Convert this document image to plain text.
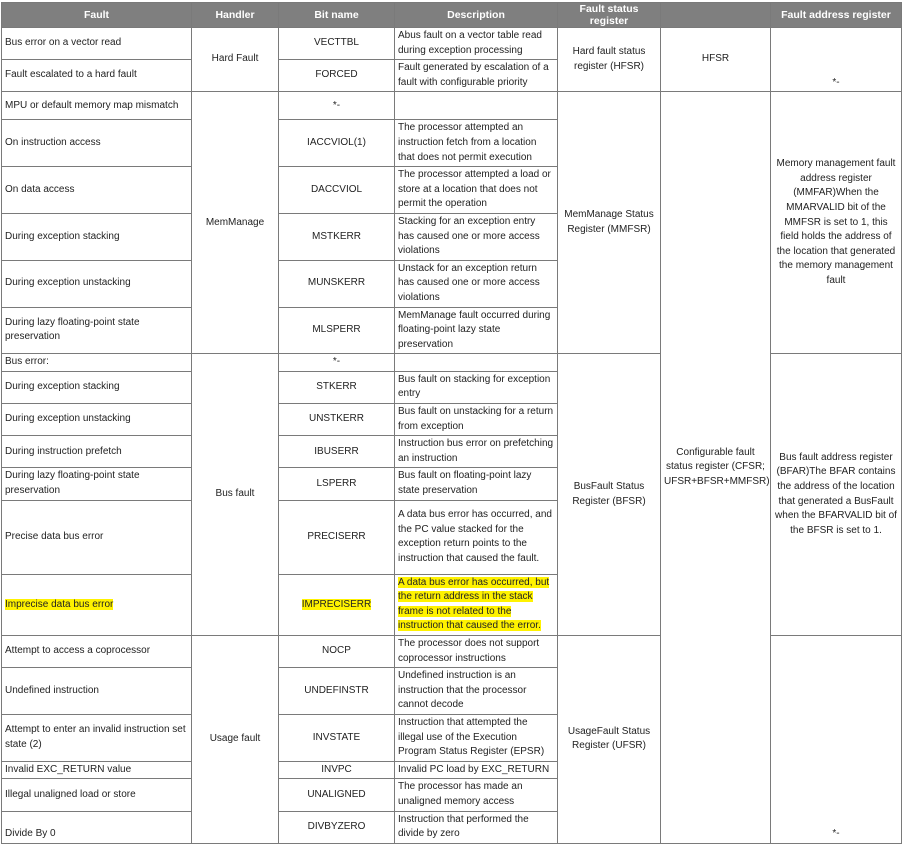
Fault	Handler	Bit name	Description	Fault status register		Fault address register
Bus error on a vector read	Hard Fault	VECTTBL	Abus fault on a vector table read during exception processing	Hard fault status register (HFSR)	HFSR	*-
Fault escalated to a hard fault		FORCED	Fault generated by escalation of a fault with configurable priority			
MPU or default memory map mismatch	MemManage	*-		MemManage Status Register (MMFSR)	Configurable fault status register (CFSR; UFSR+BFSR+MMFSR)	Memory management fault address register (MMFAR)When the MMARVALID bit of the MMFSR is set to 1, this field holds the address of the location that generated the memory management fault
On instruction access		IACCVIOL(1)	The processor attempted an instruction fetch from a location that does not permit execution			
On data access		DACCVIOL	The processor attempted a load or store at a location that does not permit the operation			
During exception stacking		MSTKERR	Stacking for an exception entry has caused one or more access violations			
During exception unstacking		MUNSKERR	Unstack for an exception return has caused one or more access violations			
During lazy floating-point state preservation		MLSPERR	MemManage fault occurred during floating-point lazy state preservation			
Bus error:	Bus fault	*-		BusFault Status Register (BFSR)		Bus fault address register (BFAR)The BFAR contains the address of the location that generated a BusFault when the BFARVALID bit of the BFSR is set to 1.
During exception stacking		STKERR	Bus fault on stacking for exception entry			
During exception unstacking		UNSTKERR	Bus fault on unstacking for a return from exception			
During instruction prefetch		IBUSERR	Instruction bus error on prefetching an instruction			
During lazy floating-point state preservation		LSPERR	Bus fault on floating-point lazy state preservation			
Precise data bus error		PRECISERR	A data bus error has occurred, and the PC value stacked for the exception return points to the instruction that caused the fault.			
Imprecise data bus error		IMPRECISERR	A data bus error has occurred, but the return address in the stack frame is not related to the instruction that caused the error.			
Attempt to access a coprocessor	Usage fault	NOCP	The processor does not support coprocessor instructions	UsageFault Status Register (UFSR)		*-
Undefined instruction		UNDEFINSTR	Undefined instruction is an instruction that the processor cannot decode			
Attempt to enter an invalid instruction set state (2)		INVSTATE	Instruction that attempted the illegal use of the Execution Program Status Register (EPSR)			
Invalid EXC_RETURN value		INVPC	Invalid PC load by EXC_RETURN			
Illegal unaligned load or store		UNALIGNED	The processor has made an unaligned memory access			
Divide By 0		DIVBYZERO	Instruction that performed the divide by zero			
